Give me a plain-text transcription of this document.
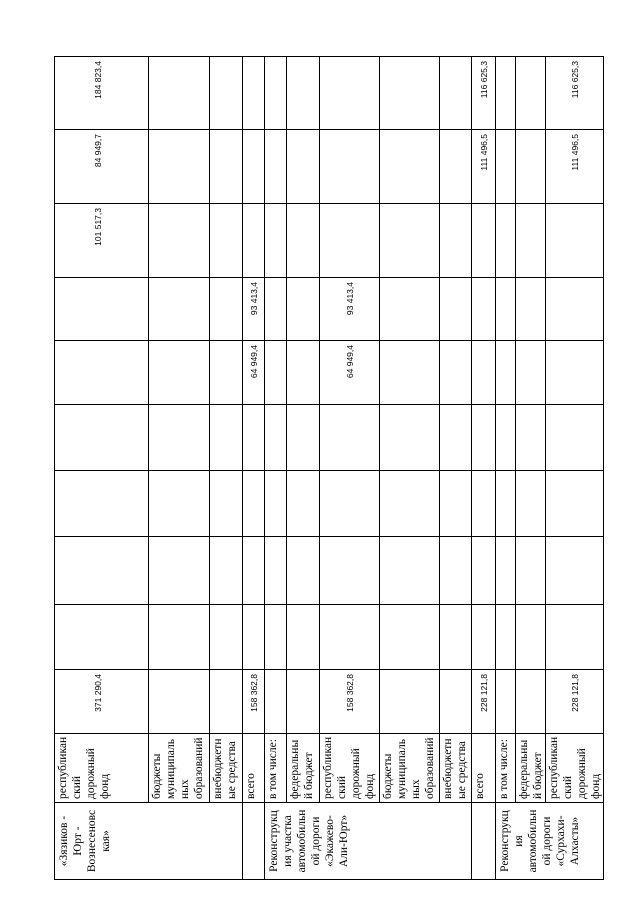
«Зязиков - Юрт - Вознесеновс кая»	республикан ский дорожный фонд	371 290,4							101 517,3	84 949,7	184 823,4
	бюджеты муниципаль ных образований										
	внебюджетн ые средства										
	всего	158 362,8					64 949,4	93 413,4			
Реконструкц ия участка автомобильн ой дороги «Экажево- Али-Юрт»	в том числе:										
	федеральны й бюджет										
	республикан ский дорожный фонд	158 362,8					64 949,4	93 413,4			
	бюджеты муниципаль ных образований										
	внебюджетн ые средства										
	всего	228 121,8								111 496,5	116 625,3
Реконструкц ия автомобильн ой дороги «Сурхахи- Алхасты»	в том числе:										
	федеральны й бюджет										
	республикан ский дорожный фонд	228 121,8								111 496,5	116 625,3
